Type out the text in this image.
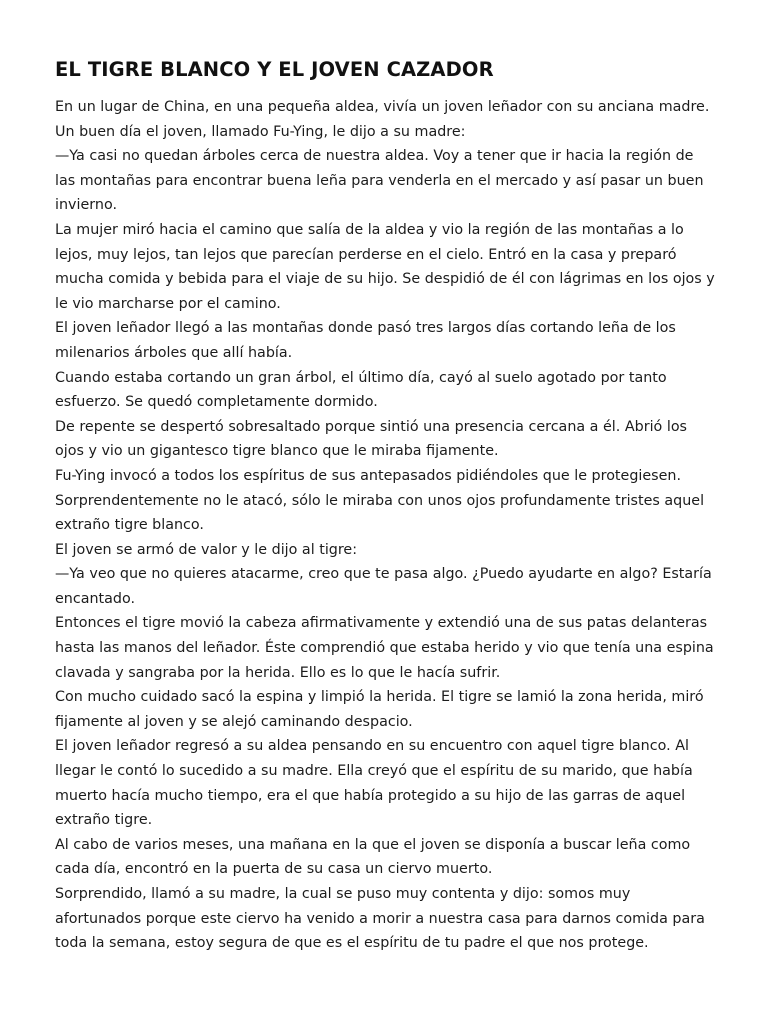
EL TIGRE BLANCO Y EL JOVEN CAZADOR

En un lugar de China, en una pequeña aldea, vivía un joven leñador con su anciana madre.

Un buen día el joven, llamado Fu-Ying, le dijo a su madre:

—Ya casi no quedan árboles cerca de nuestra aldea. Voy a tener que ir hacia la región de
las montañas para encontrar buena leña para venderla en el mercado y así pasar un buen
invierno.

La mujer miró hacia el camino que salía de la aldea y vio la región de las montañas a lo
lejos, muy lejos, tan lejos que parecían perderse en el cielo. Entró en la casa y preparó
mucha comida y bebida para el viaje de su hijo. Se despidió de él con lágrimas en los ojos y
le vio marcharse por el camino.

El joven leñador llegó a las montañas donde pasó tres largos días cortando leña de los
milenarios árboles que allí había.

Cuando estaba cortando un gran árbol, el último día, cayó al suelo agotado por tanto
esfuerzo. Se quedó completamente dormido.

De repente se despertó sobresaltado porque sintió una presencia cercana a él. Abrió los
ojos y vio un gigantesco tigre blanco que le miraba fijamente.

Fu-Ying invocó a todos los espíritus de sus antepasados pidiéndoles que le protegiesen.
Sorprendentemente no le atacó, sólo le miraba con unos ojos profundamente tristes aquel
extraño tigre blanco.

El joven se armó de valor y le dijo al tigre:

—Ya veo que no quieres atacarme, creo que te pasa algo. ¿Puedo ayudarte en algo? Estaría
encantado.

Entonces el tigre movió la cabeza afirmativamente y extendió una de sus patas delanteras
hasta las manos del leñador. Éste comprendió que estaba herido y vio que tenía una espina
clavada y sangraba por la herida. Ello es lo que le hacía sufrir.

Con mucho cuidado sacó la espina y limpió la herida. El tigre se lamió la zona herida, miró
fijamente al joven y se alejó caminando despacio.

El joven leñador regresó a su aldea pensando en su encuentro con aquel tigre blanco. Al
llegar le contó lo sucedido a su madre. Ella creyó que el espíritu de su marido, que había
muerto hacía mucho tiempo, era el que había protegido a su hijo de las garras de aquel
extraño tigre.

Al cabo de varios meses, una mañana en la que el joven se disponía a buscar leña como
cada día, encontró en la puerta de su casa un ciervo muerto.

Sorprendido, llamó a su madre, la cual se puso muy contenta y dijo: somos muy
afortunados porque este ciervo ha venido a morir a nuestra casa para darnos comida para
toda la semana, estoy segura de que es el espíritu de tu padre el que nos protege.
